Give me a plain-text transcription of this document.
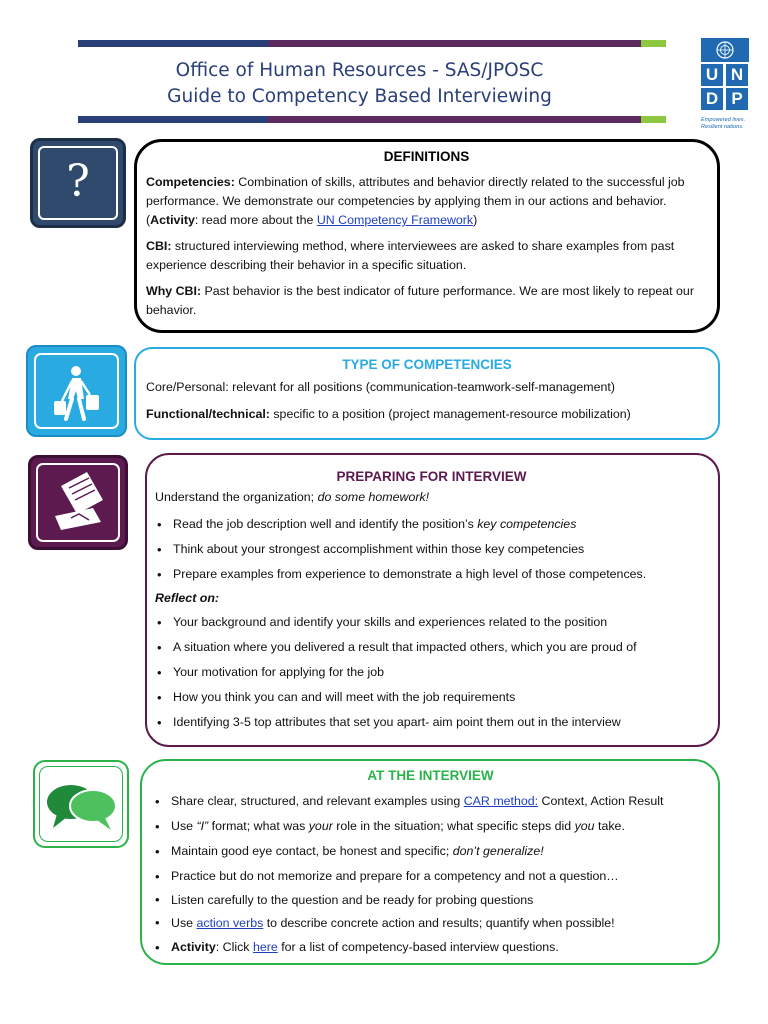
Office of Human Resources - SAS/JPOSC
Guide to Competency Based Interviewing
U N
D P
Empowered lives.
Resilient nations.
?	DEFINITIONS

Competencies: Combination of skills, attributes and behavior directly related to the successful job performance. We demonstrate our competencies by applying them in our actions and behavior. (Activity: read more about the UN Competency Framework)

CBI: structured interviewing method, where interviewees are asked to share examples from past experience describing their behavior in a specific situation.

Why CBI: Past behavior is the best indicator of future performance. We are most likely to repeat our behavior.

TYPE OF COMPETENCIES

Core/Personal: relevant for all positions (communication-teamwork-self-management)

Functional/technical: specific to a position (project management-resource mobilization)

PREPARING FOR INTERVIEW

Understand the organization; do some homework!

• Read the job description well and identify the position’s key competencies
• Think about your strongest accomplishment within those key competencies
• Prepare examples from experience to demonstrate a high level of those competences.

Reflect on:

• Your background and identify your skills and experiences related to the position
• A situation where you delivered a result that impacted others, which you are proud of
• Your motivation for applying for the job
• How you think you can and will meet with the job requirements
• Identifying 3-5 top attributes that set you apart- aim point them out in the interview
AT THE INTERVIEW
• Share clear, structured, and relevant examples using CAR method: Context, Action Result
• Use “I” format; what was your role in the situation; what specific steps did you take.
• Maintain good eye contact, be honest and specific; don’t generalize!
• Practice but do not memorize and prepare for a competency and not a question…
• Listen carefully to the question and be ready for probing questions
• Use action verbs to describe concrete action and results; quantify when possible!
• Activity: Click here for a list of competency-based interview questions.
